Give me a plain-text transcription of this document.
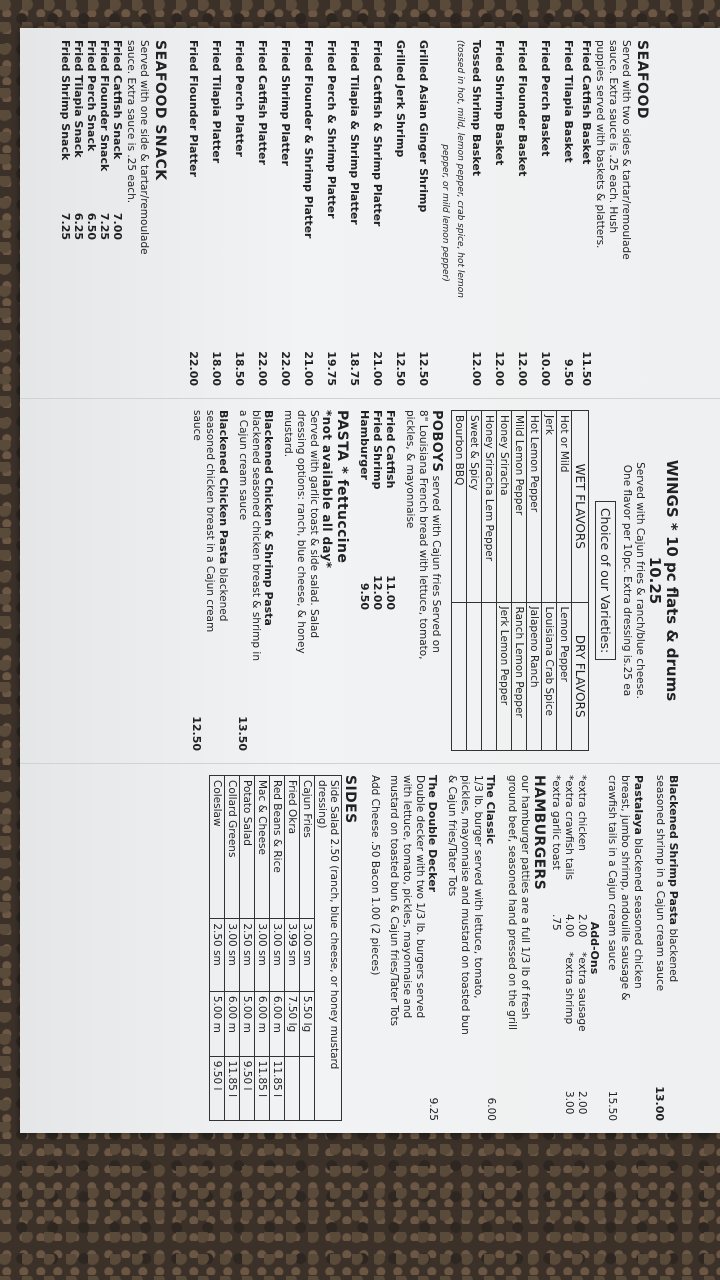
SEAFOOD
Served with two sides & tartar/remoulade
sauce. Extra sauce is .25 each. Hush
puppies served with baskets & platters.
Fried Catfish Basket
11.50
Fried Tilapia Basket
9.50
Fried Perch Basket
10.00
Fried Flounder Basket
12.00
Fried Shrimp Basket
12.00
Tossed Shrimp Basket
12.00
(tossed in hot, mild, lemon pepper, crab spice, hot lemon
pepper, or mild lemon pepper)
Grilled Asian Ginger Shrimp
12.50
Grilled Jerk Shrimp
12.50
Fried Catfish & Shrimp Platter
21.00
Fried Tilapia & Shrimp Platter
18.75
Fried Perch & Shrimp Platter
19.75
Fried Flounder & Shrimp Platter
21.00
Fried Shrimp Platter
22.00
Fried Catfish Platter
22.00
Fried Perch Platter
18.50
Fried Tilapia Platter
18.00
Fried Flounder Platter
22.00
SEAFOOD SNACK
Served with one side & tartar/remoulade
sauce. Extra sauce is .25 each.
Fried Catfish Snack
7.00
Fried Flounder Snack
7.25
Fried Perch Snack
6.50
Fried Tilapia Snack
6.25
Fried Shrimp Snack
7.25
WINGS * 10 pc flats & drums
10.25
Served with Cajun fries & ranch/blue cheese.
One flavor per 10pc. Extra dressing is.25 ea
Choice of our Varieties:
WET FLAVORS	DRY FLAVORS
Hot or Mild	Lemon Pepper
Jerk	Louisiana Crab Spice
Hot Lemon Pepper	Jalapeno Ranch
Mild Lemon Pepper	Ranch Lemon Pepper
Honey Sriracha	Jerk Lemon Pepper
Honey Sriracha Lem Pepper	
Sweet & Spicy	
Bourbon BBQ	
POBOYS served with Cajun fries Served on
8" Louisiana French bread with lettuce, tomato,
pickles, & mayonnaise
Fried Catfish
11.00
Fried Shrimp
12.00
Hamburger
9.50
PASTA * fettuccine
*not available all day*
Served with garlic toast & side salad. Salad
dressing options: ranch, blue cheese, & honey
mustard.
Blackened Chicken & Shrimp Pasta
blackened seasoned chicken breast & shrimp in
a Cajun cream sauce
13.50
Blackened Chicken Pasta blackened
seasoned chicken breast in a Cajun cream
sauce
12.50
Blackened Shrimp Pasta blackened
seasoned shrimp in a Cajun cream sauce
13.00
Pastalaya blackened seasoned chicken
breast, jumbo shrimp, andouille sausage &
crawfish tails in a Cajun cream sauce
15.50
Add-Ons
*extra chicken
2.00
*extra sausage
2.00
*extra crawfish tails
4.00
*extra shrimp
3.00
*extra garlic toast
.75
HAMBURGERS
our hamburger patties are a full 1/3 lb of fresh
ground beef, seasoned hand pressed on the grill
The Classic
6.00
1/3 lb. burger served with lettuce, tomato,
pickles, mayonnaise and mustard on toasted bun
& Cajun fries/Tater Tots
The Double Decker
9.25
Double decker with two 1/3 lb. burgers served
with lettuce, tomato, pickles, mayonnaise and
mustard on toasted bun & Cajun fries/Tater Tots
Add Cheese .50 Bacon 1.00 (2 pieces)
SIDES
Side Salad 2.50 (ranch, blue cheese, or honey mustard dressing)			
Cajun Fries	3.00 sm	5.50 lg	
Fried Okra	3.99 sm	7.50 lg	
Red Beans & Rice	3.00 sm	6.00 m	11.85 l
Mac & Cheese	3.00 sm	6.00 m	11.85 l
Potato Salad	2.50 sm	5.00 m	9.50 l
Collard Greens	3.00 sm	6.00 m	11.85 l
Coleslaw	2.50 sm	5.00 m	9.50 l
